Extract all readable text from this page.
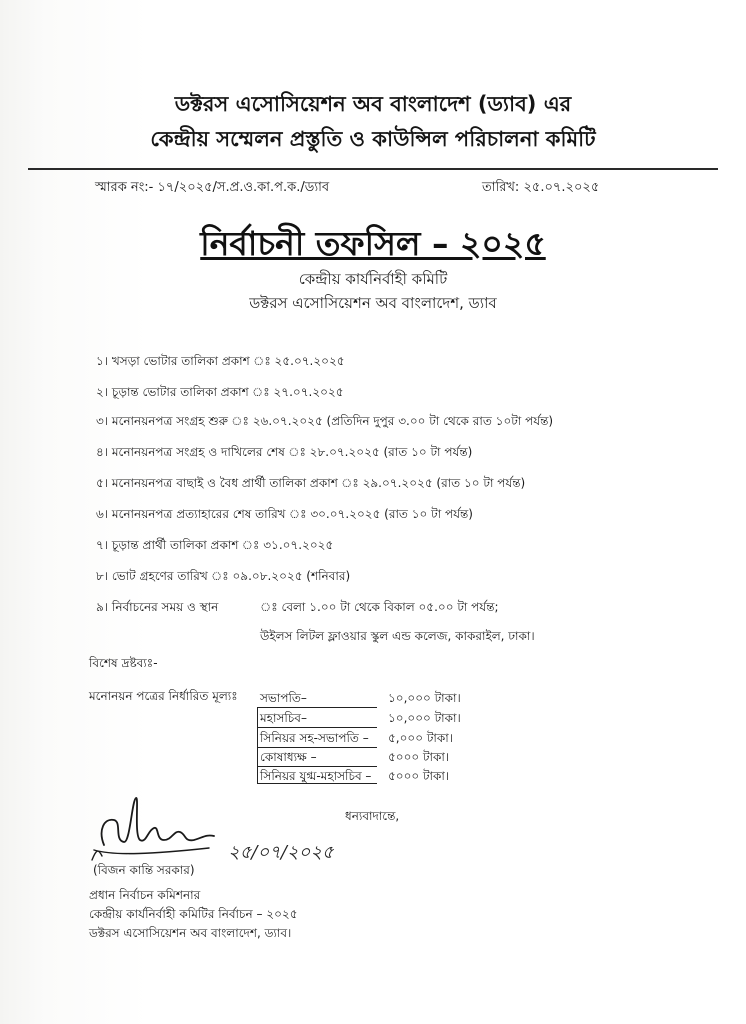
ডক্টরস এসোসিয়েশন অব বাংলাদেশ (ড্যাব) এর
কেন্দ্রীয় সম্মেলন প্রস্তুতি ও কাউন্সিল পরিচালনা কমিটি
স্মারক নং:- ১৭/২০২৫/স.প্র.ও.কা.প.ক./ড্যাব	তারিখ: ২৫.০৭.২০২৫
নির্বাচনী তফসিল – ২০২৫
কেন্দ্রীয় কার্যনির্বাহী কমিটি
ডক্টরস এসোসিয়েশন অব বাংলাদেশ, ড্যাব
১। খসড়া ভোটার তালিকা প্রকাশ ঃ ২৫.০৭.২০২৫
২। চূড়ান্ত ভোটার তালিকা প্রকাশ ঃ ২৭.০৭.২০২৫
৩। মনোনয়নপত্র সংগ্রহ শুরু ঃ ২৬.০৭.২০২৫ (প্রতিদিন দুপুর ৩.০০ টা থেকে রাত ১০টা পর্যন্ত)
৪। মনোনয়নপত্র সংগ্রহ ও দাখিলের শেষ ঃ ২৮.০৭.২০২৫ (রাত ১০ টা পর্যন্ত)
৫। মনোনয়নপত্র বাছাই ও বৈধ প্রার্থী তালিকা প্রকাশ ঃ ২৯.০৭.২০২৫ (রাত ১০ টা পর্যন্ত)
৬। মনোনয়নপত্র প্রত্যাহারের শেষ তারিখ ঃ ৩০.০৭.২০২৫ (রাত ১০ টা পর্যন্ত)
৭। চূড়ান্ত প্রার্থী তালিকা প্রকাশ ঃ ৩১.০৭.২০২৫
৮। ভোট গ্রহণের তারিখ ঃ ০৯.০৮.২০২৫ (শনিবার)
৯। নির্বাচনের সময় ও স্থান	ঃ বেলা ১.০০ টা থেকে বিকাল ০৫.০০ টা পর্যন্ত;
উইলস লিটল ফ্লাওয়ার স্কুল এন্ড কলেজ, কাকরাইল, ঢাকা।
বিশেষ দ্রষ্টব্যঃ-
মনোনয়ন পত্রের নির্ধারিত মূল্যঃ সভাপতি–	১০,০০০ টাকা।
মহাসচিব–	১০,০০০ টাকা।
সিনিয়র সহ-সভাপতি – ৫,০০০ টাকা।
কোষাধ্যক্ষ –	৫০০০ টাকা।
সিনিয়র যুগ্ম-মহাসচিব – ৫০০০ টাকা।
ধন্যবাদান্তে,
২৫/০৭/২০২৫
(বিজন কান্তি সরকার)
প্রধান নির্বাচন কমিশনার
কেন্দ্রীয় কার্যনির্বাহী কমিটির নির্বাচন – ২০২৫
ডক্টরস এসোসিয়েশন অব বাংলাদেশ, ড্যাব।
